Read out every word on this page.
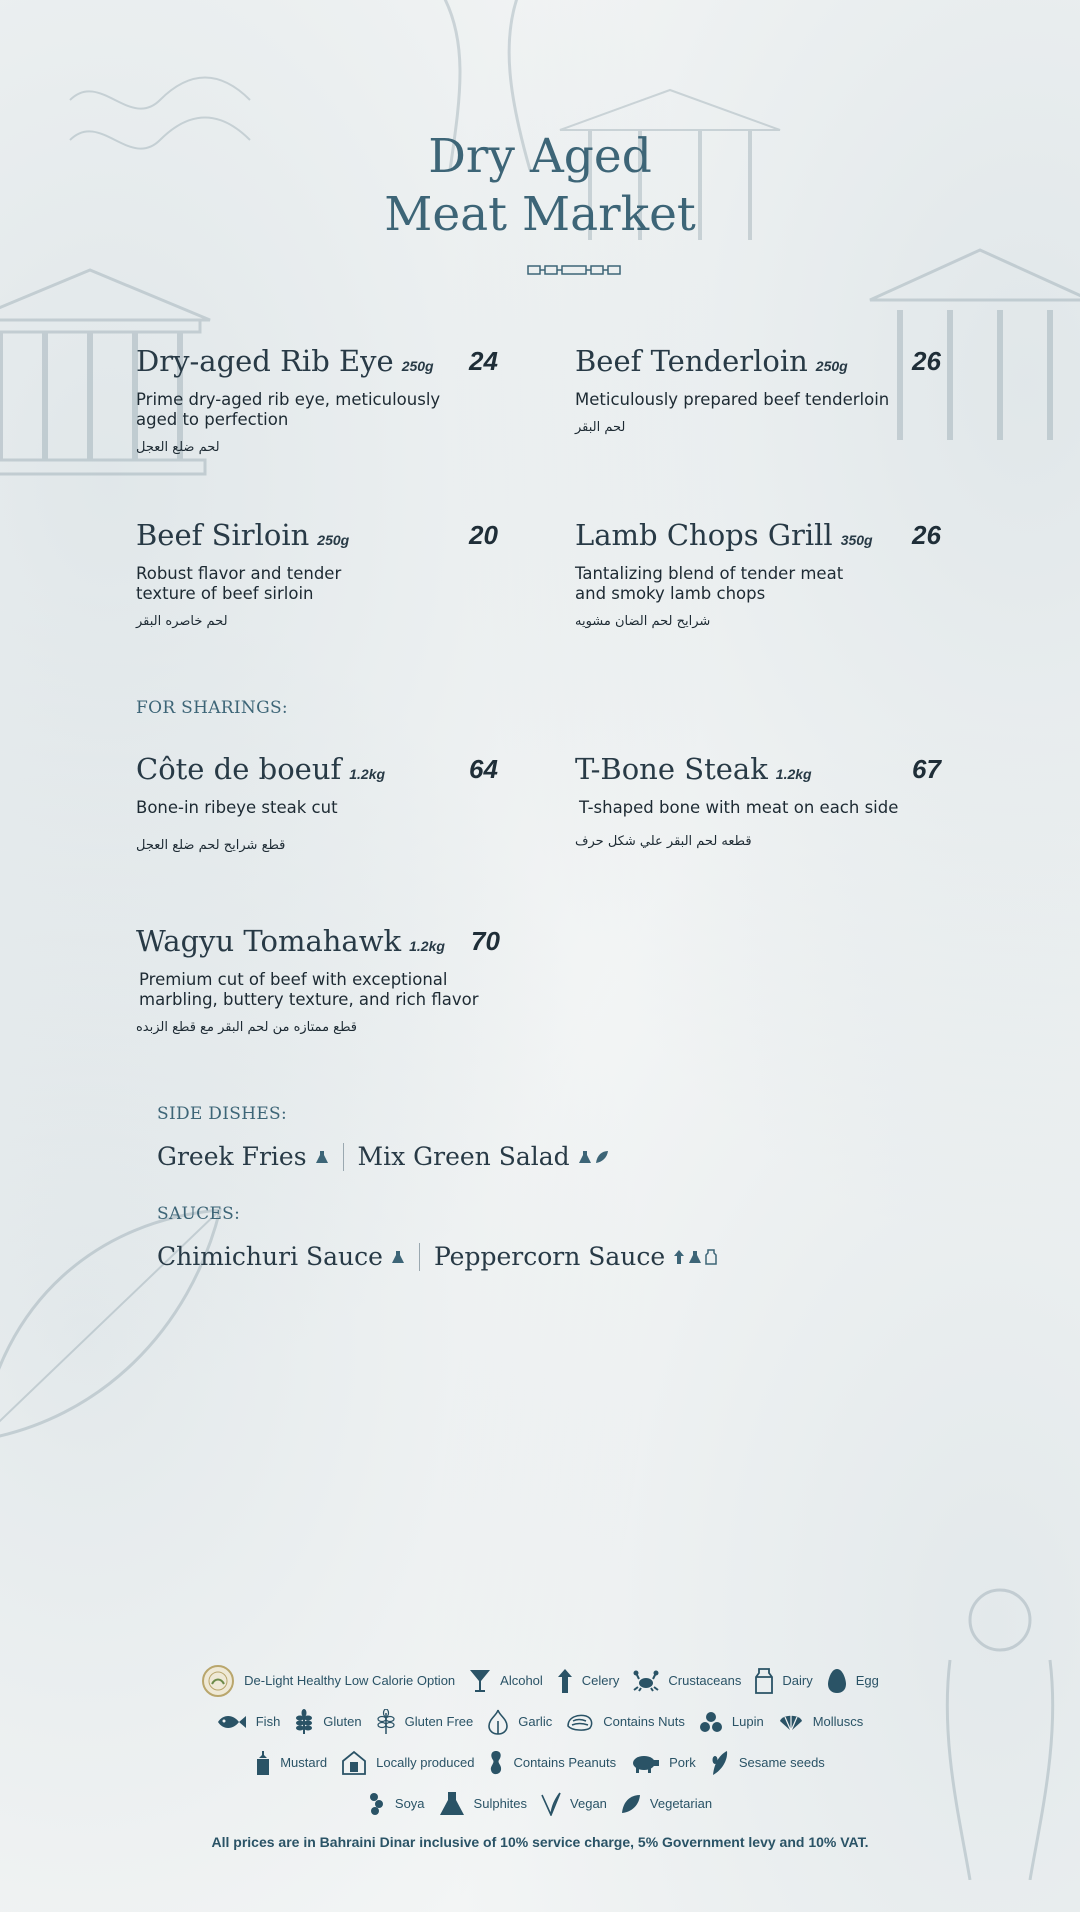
Dry Aged
Meat Market
Dry-aged Rib Eye 250g 24
Prime dry-aged rib eye, meticulously
aged to perfection
لحم ضلع العجل
Beef Tenderloin 250g 26
Meticulously prepared beef tenderloin
لحم البقر
Beef Sirloin 250g	20
Robust flavor and tender
texture of beef sirloin
لحم خاصره البقر
Lamb Chops Grill 350g 26
Tantalizing blend of tender meat
and smoky lamb chops
شرايح لحم الضان مشويه
FOR SHARINGS:
Côte de boeuf 1.2kg	64
Bone-in ribeye steak cut
قطع شرايح لحم ضلع العجل
T-Bone Steak 1.2kg	67
T-shaped bone with meat on each side
قطعه لحم البقر علي شكل حرف
Wagyu Tomahawk 1.2kg 70
Premium cut of beef with exceptional
marbling, buttery texture, and rich flavor
قطع ممتازه من لحم البقر مع قطع الزبده
SIDE DISHES:
Greek Fries Mix Green Salad
SAUCES:
Chimichuri Sauce Peppercorn Sauce
De-Light Healthy Low Calorie Option	Alcohol	Celery	Crustaceans	Dairy	Egg
Fish	Gluten	Gluten Free	Garlic	Contains Nuts	Lupin	Molluscs
Mustard	Locally produced	Contains Peanuts	Pork	Sesame seeds
Soya	Sulphites	Vegan	Vegetarian
All prices are in Bahraini Dinar inclusive of 10% service charge, 5% Government levy and 10% VAT.
